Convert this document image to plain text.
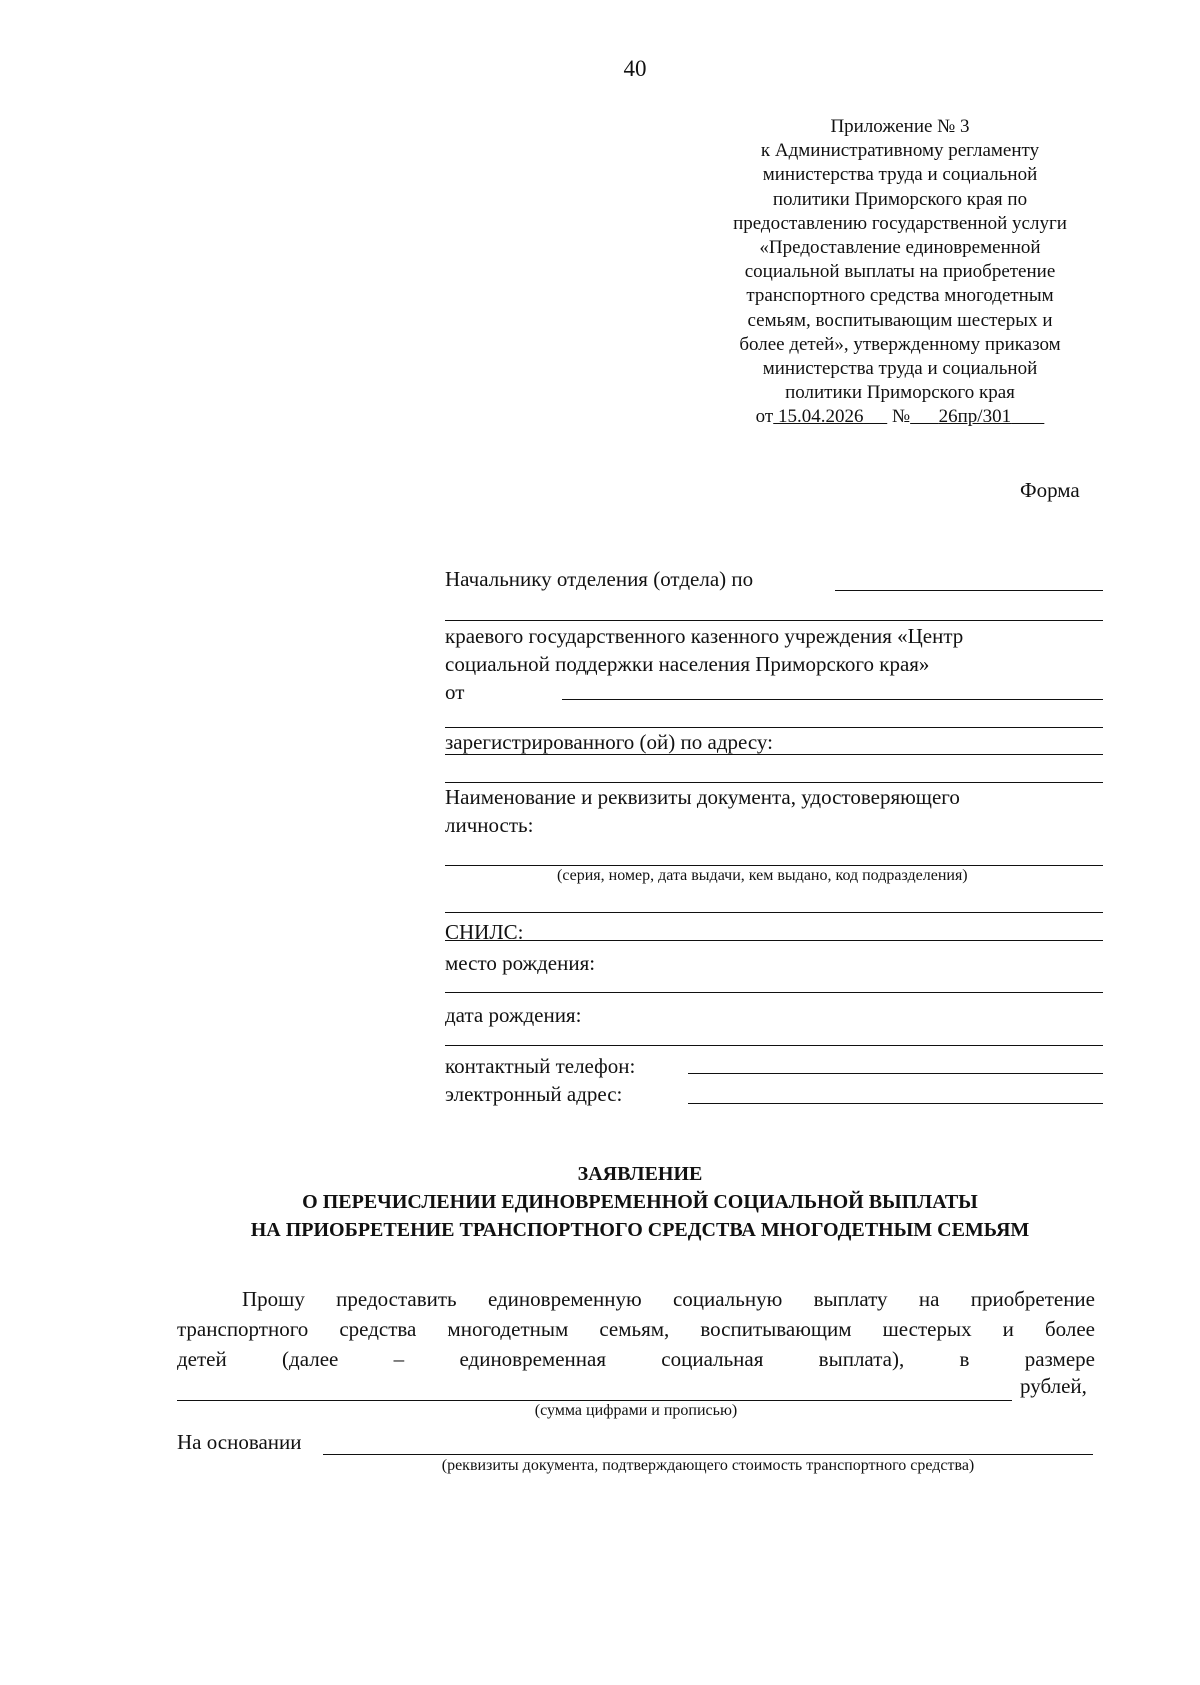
40
Приложение № 3
к Административному регламенту
министерства труда и социальной
политики Приморского края по
предоставлению государственной услуги
«Предоставление единовременной
социальной выплаты на приобретение
транспортного средства многодетным
семьям, воспитывающим шестерых и
более детей», утвержденному приказом
министерства труда и социальной
политики Приморского края
от 15.04.2026 № 26пр/301
Форма
Начальнику отделения (отдела) по
краевого государственного казенного учреждения «Центр
социальной поддержки населения Приморского края»
от
зарегистрированного (ой) по адресу:
Наименование и реквизиты документа, удостоверяющего
личность:
(серия, номер, дата выдачи, кем выдано, код подразделения)
СНИЛС:
место рождения:
дата рождения:
контактный телефон:
электронный адрес:
ЗАЯВЛЕНИЕ
О ПЕРЕЧИСЛЕНИИ ЕДИНОВРЕМЕННОЙ СОЦИАЛЬНОЙ ВЫПЛАТЫ
НА ПРИОБРЕТЕНИЕ ТРАНСПОРТНОГО СРЕДСТВА МНОГОДЕТНЫМ СЕМЬЯМ
Прошу предоставить единовременную социальную выплату на приобретение
транспортного средства многодетным семьям, воспитывающим шестерых и более
детей (далее – единовременная социальная выплата), в размере
рублей,
(сумма цифрами и прописью)
На основании
(реквизиты документа, подтверждающего стоимость транспортного средства)
